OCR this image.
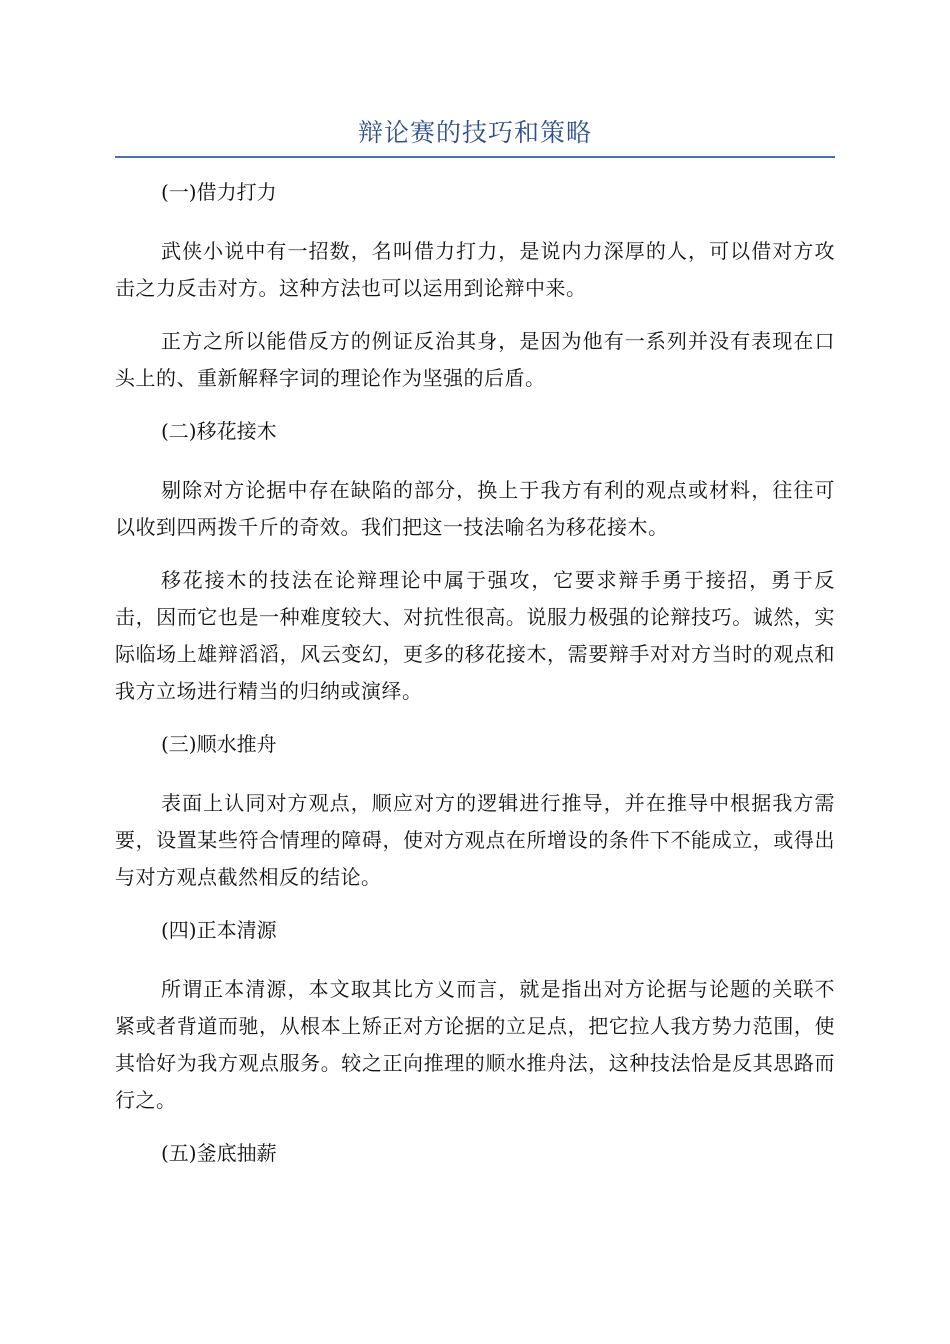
辩论赛的技巧和策略

(一)借力打力

武侠小说中有一招数，名叫借力打力，是说内力深厚的人，可以借对方攻击之力反击对方。这种方法也可以运用到论辩中来。

正方之所以能借反方的例证反治其身，是因为他有一系列并没有表现在口头上的、重新解释字词的理论作为坚强的后盾。

(二)移花接木

剔除对方论据中存在缺陷的部分，换上于我方有利的观点或材料，往往可以收到四两拨千斤的奇效。我们把这一技法喻名为移花接木。

移花接木的技法在论辩理论中属于强攻，它要求辩手勇于接招，勇于反击，因而它也是一种难度较大、对抗性很高。说服力极强的论辩技巧。诚然，实际临场上雄辩滔滔，风云变幻，更多的移花接木，需要辩手对对方当时的观点和我方立场进行精当的归纳或演绎。

(三)顺水推舟

表面上认同对方观点，顺应对方的逻辑进行推导，并在推导中根据我方需要，设置某些符合情理的障碍，使对方观点在所增设的条件下不能成立，或得出与对方观点截然相反的结论。

(四)正本清源

所谓正本清源，本文取其比方义而言，就是指出对方论据与论题的关联不紧或者背道而驰，从根本上矫正对方论据的立足点，把它拉人我方势力范围，使其恰好为我方观点服务。较之正向推理的顺水推舟法，这种技法恰是反其思路而行之。

(五)釜底抽薪
